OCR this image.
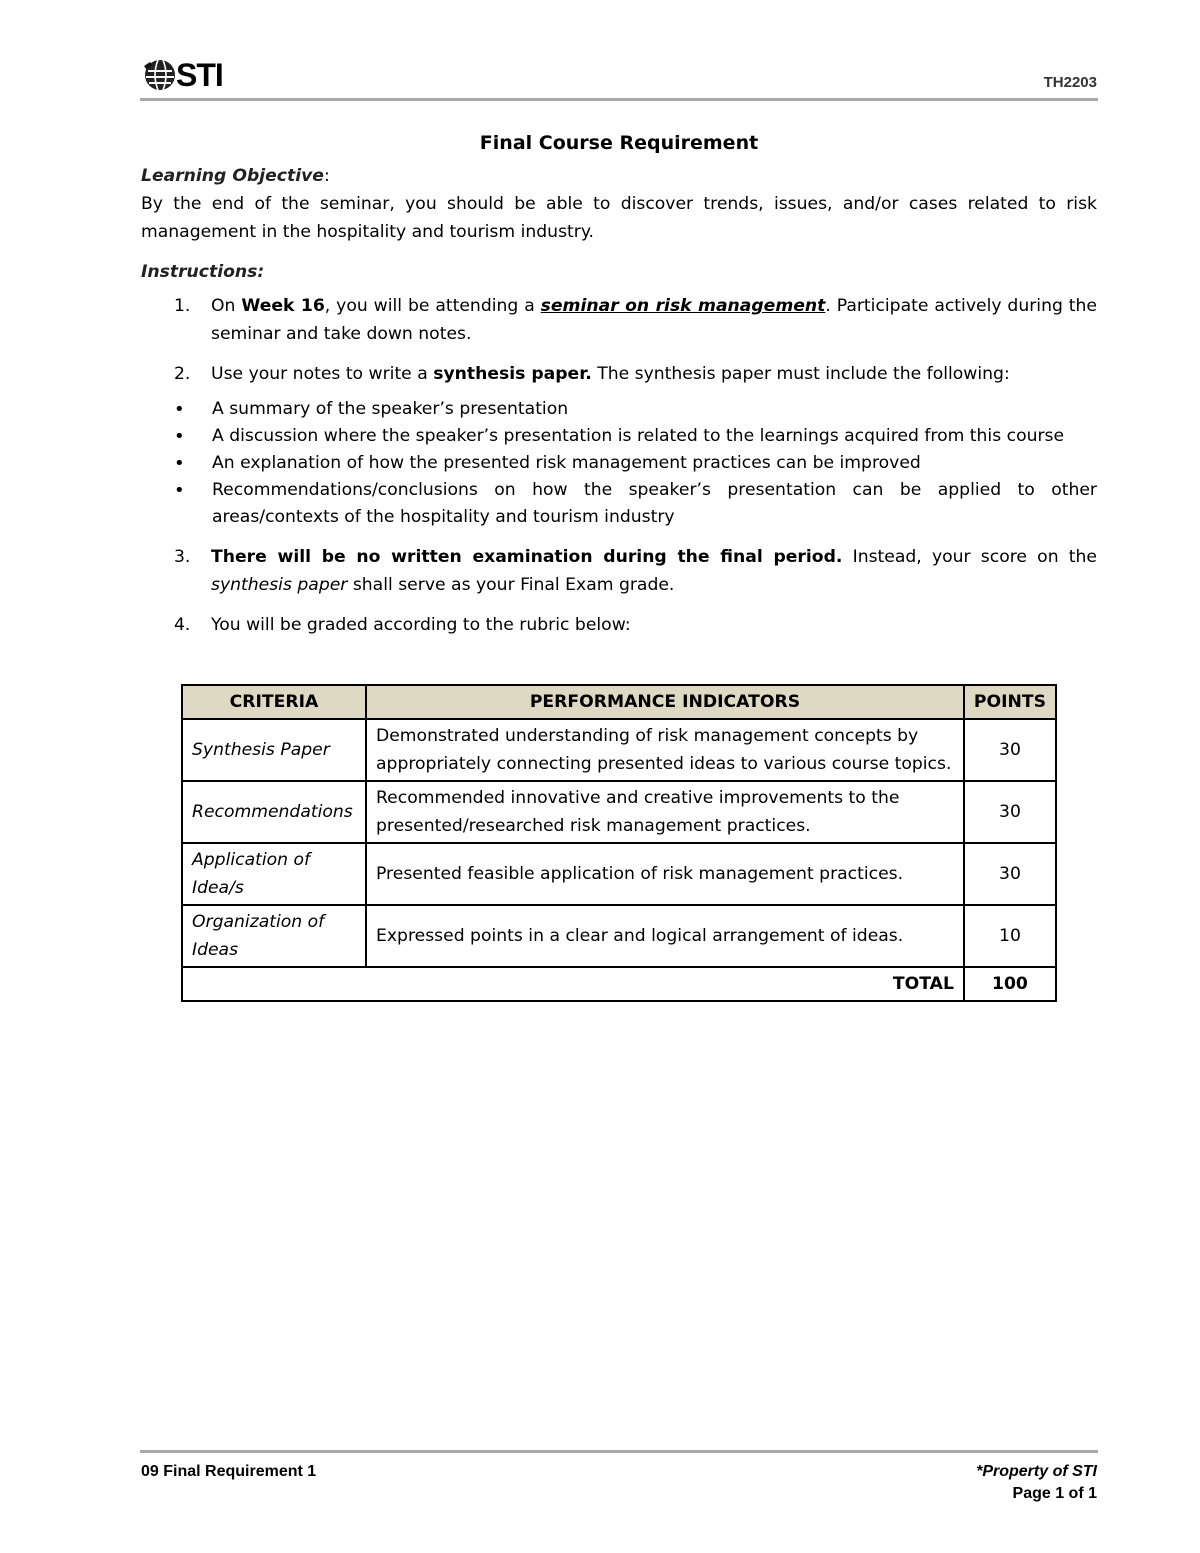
STI	TH2203
Final Course Requirement
Learning Objective:

By the end of the seminar, you should be able to discover trends, issues, and/or cases related to risk management in the hospitality and tourism industry.

Instructions:
1. On Week 16, you will be attending a seminar on risk management. Participate actively during the seminar and take down notes.
2. Use your notes to write a synthesis paper. The synthesis paper must include the following:
• A summary of the speaker’s presentation
• A discussion where the speaker’s presentation is related to the learnings acquired from this course
• An explanation of how the presented risk management practices can be improved
• Recommendations/conclusions on how the speaker’s presentation can be applied to other areas/contexts of the hospitality and tourism industry
3. There will be no written examination during the final period. Instead, your score on the synthesis paper shall serve as your Final Exam grade.
4. You will be graded according to the rubric below:
CRITERIA	PERFORMANCE INDICATORS	POINTS
Synthesis Paper	Demonstrated understanding of risk management concepts by appropriately connecting presented ideas to various course topics.	30
Recommendations	Recommended innovative and creative improvements to the presented/researched risk management practices.	30
Application of Idea/s	Presented feasible application of risk management practices.	30
Organization of Ideas	Expressed points in a clear and logical arrangement of ideas.	10
TOTAL		100
09 Final Requirement 1	*Property of STI
Page 1 of 1
